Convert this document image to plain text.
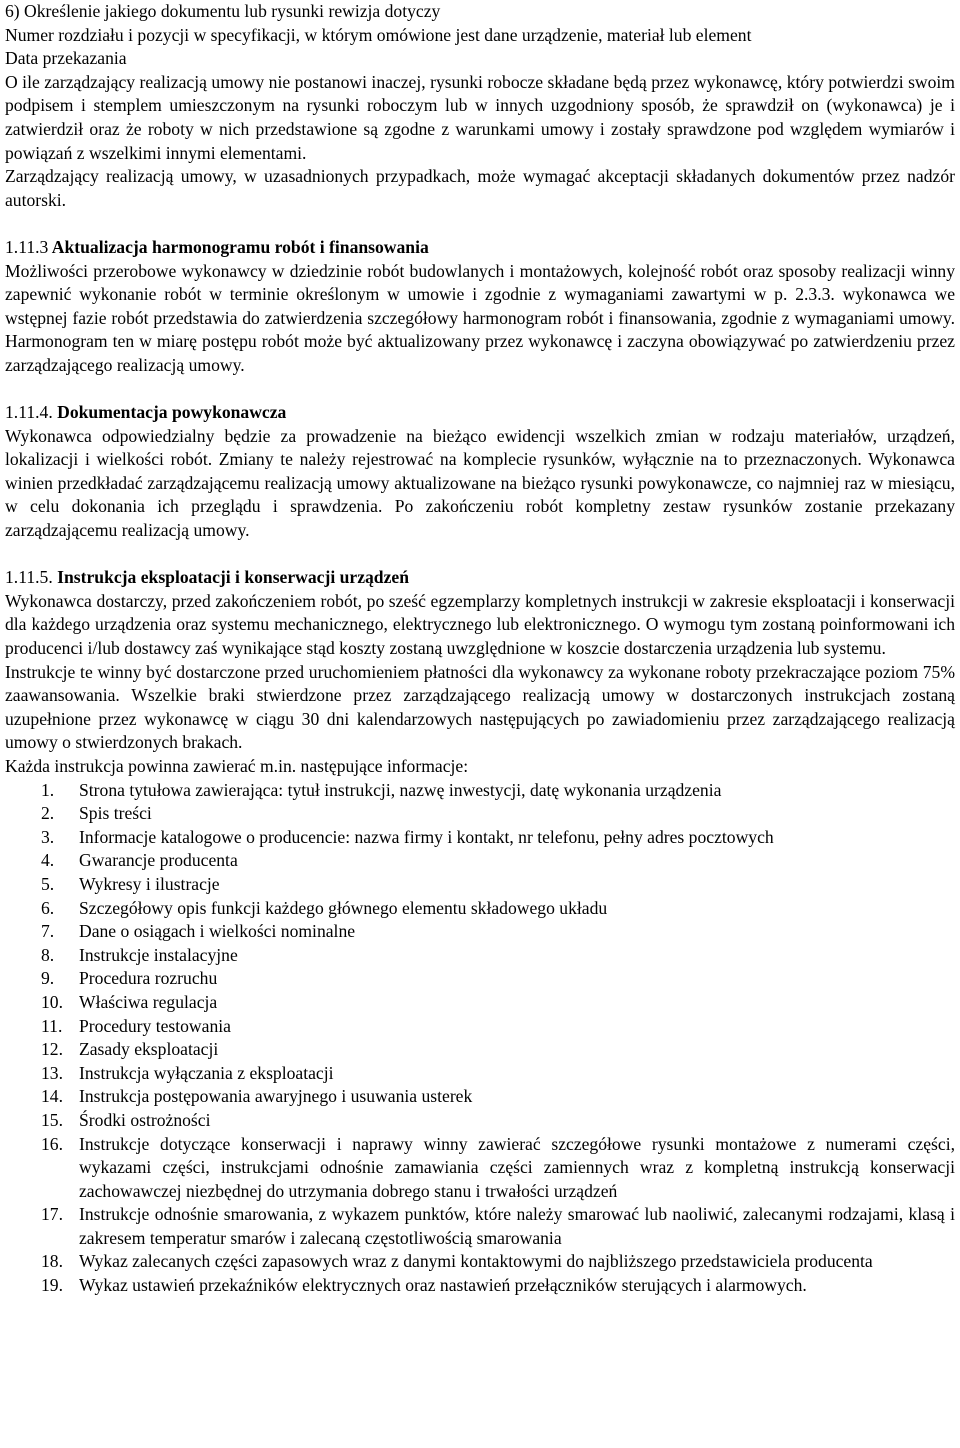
6) Określenie jakiego dokumentu lub rysunki rewizja dotyczy
Numer rozdziału i pozycji w specyfikacji, w którym omówione jest dane urządzenie, materiał lub element
Data przekazania

O ile zarządzający realizacją umowy nie postanowi inaczej, rysunki robocze składane będą przez wykonawcę, który potwierdzi swoim podpisem i stemplem umieszczonym na rysunki roboczym lub w innych uzgodniony sposób, że sprawdził on (wykonawca) je i zatwierdził oraz że roboty w nich przedstawione są zgodne z warunkami umowy i zostały sprawdzone pod względem wymiarów i powiązań z wszelkimi innymi elementami.

Zarządzający realizacją umowy, w uzasadnionych przypadkach, może wymagać akceptacji składanych dokumentów przez nadzór autorski.

1.11.3 Aktualizacja harmonogramu robót i finansowania

Możliwości przerobowe wykonawcy w dziedzinie robót budowlanych i montażowych, kolejność robót oraz sposoby realizacji winny zapewnić wykonanie robót w terminie określonym w umowie i zgodnie z wymaganiami zawartymi w p. 2.3.3. wykonawca we wstępnej fazie robót przedstawia do zatwierdzenia szczegółowy harmonogram robót i finansowania, zgodnie z wymaganiami umowy. Harmonogram ten w miarę postępu robót może być aktualizowany przez wykonawcę i zaczyna obowiązywać po zatwierdzeniu przez zarządzającego realizacją umowy.

1.11.4. Dokumentacja powykonawcza

Wykonawca odpowiedzialny będzie za prowadzenie na bieżąco ewidencji wszelkich zmian w rodzaju materiałów, urządzeń, lokalizacji i wielkości robót. Zmiany te należy rejestrować na komplecie rysunków, wyłącznie na to przeznaczonych. Wykonawca winien przedkładać zarządzającemu realizacją umowy aktualizowane na bieżąco rysunki powykonawcze, co najmniej raz w miesiącu, w celu dokonania ich przeglądu i sprawdzenia. Po zakończeniu robót kompletny zestaw rysunków zostanie przekazany zarządzającemu realizacją umowy.

1.11.5. Instrukcja eksploatacji i konserwacji urządzeń

Wykonawca dostarczy, przed zakończeniem robót, po sześć egzemplarzy kompletnych instrukcji w zakresie eksploatacji i konserwacji dla każdego urządzenia oraz systemu mechanicznego, elektrycznego lub elektronicznego. O wymogu tym zostaną poinformowani ich producenci i/lub dostawcy zaś wynikające stąd koszty zostaną uwzględnione w koszcie dostarczenia urządzenia lub systemu.

Instrukcje te winny być dostarczone przed uruchomieniem płatności dla wykonawcy za wykonane roboty przekraczające poziom 75% zaawansowania. Wszelkie braki stwierdzone przez zarządzającego realizacją umowy w dostarczonych instrukcjach zostaną uzupełnione przez wykonawcę w ciągu 30 dni kalendarzowych następujących po zawiadomieniu przez zarządzającego realizacją umowy o stwierdzonych brakach.

Każda instrukcja powinna zawierać m.in. następujące informacje:
1.	Strona tytułowa zawierająca: tytuł instrukcji, nazwę inwestycji, datę wykonania urządzenia
2.	Spis treści
3.	Informacje katalogowe o producencie: nazwa firmy i kontakt, nr telefonu, pełny adres pocztowych
4.	Gwarancje producenta
5.	Wykresy i ilustracje
6.	Szczegółowy opis funkcji każdego głównego elementu składowego układu
7.	Dane o osiągach i wielkości nominalne
8.	Instrukcje instalacyjne
9.	Procedura rozruchu
10. Właściwa regulacja
11. Procedury testowania
12. Zasady eksploatacji
13. Instrukcja wyłączania z eksploatacji
14. Instrukcja postępowania awaryjnego i usuwania usterek
15. Środki ostrożności
16. Instrukcje dotyczące konserwacji i naprawy winny zawierać szczegółowe rysunki montażowe z numerami części, wykazami części, instrukcjami odnośnie zamawiania części zamiennych wraz z kompletną instrukcją konserwacji zachowawczej niezbędnej do utrzymania dobrego stanu i trwałości urządzeń
17. Instrukcje odnośnie smarowania, z wykazem punktów, które należy smarować lub naoliwić, zalecanymi rodzajami, klasą i zakresem temperatur smarów i zalecaną częstotliwością smarowania
18. Wykaz zalecanych części zapasowych wraz z danymi kontaktowymi do najbliższego przedstawiciela producenta
19. Wykaz ustawień przekaźników elektrycznych oraz nastawień przełączników sterujących i alarmowych.
